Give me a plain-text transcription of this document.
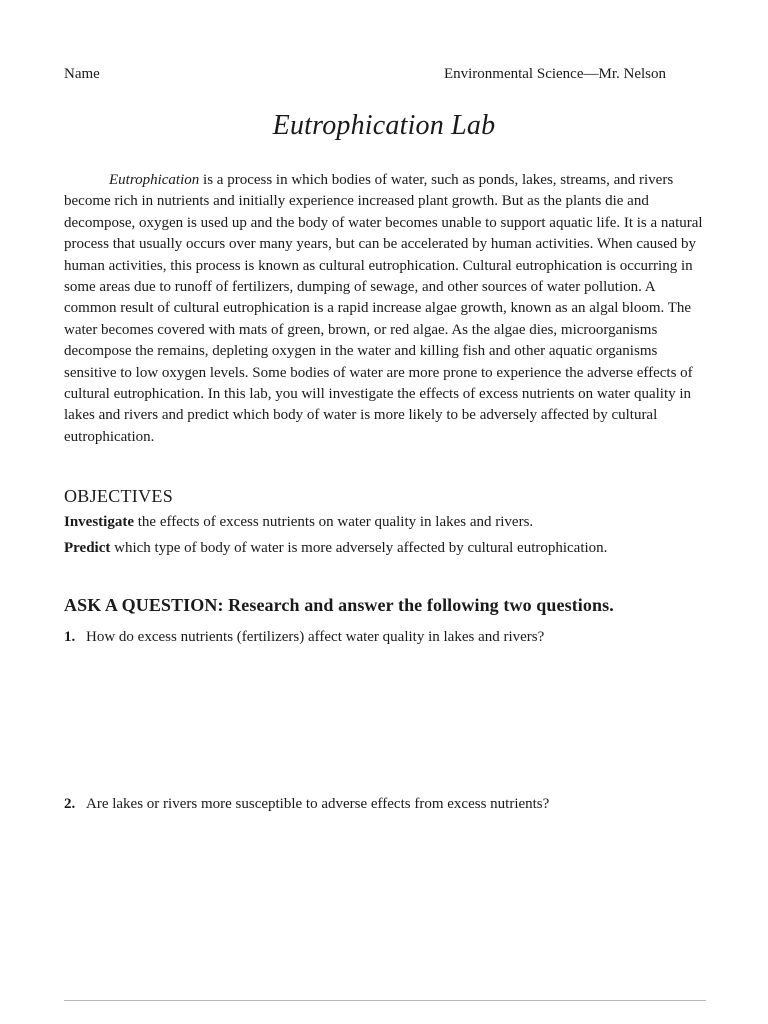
Name	Environmental Science—Mr. Nelson
Eutrophication Lab

Eutrophication is a process in which bodies of water, such as ponds, lakes, streams, and rivers become rich in nutrients and initially experience increased plant growth. But as the plants die and decompose, oxygen is used up and the body of water becomes unable to support aquatic life. It is a natural process that usually occurs over many years, but can be accelerated by human activities. When caused by human activities, this process is known as cultural eutrophication. Cultural eutrophication is occurring in some areas due to runoff of fertilizers, dumping of sewage, and other sources of water pollution. A common result of cultural eutrophication is a rapid increase algae growth, known as an algal bloom. The water becomes covered with mats of green, brown, or red algae. As the algae dies, microorganisms decompose the remains, depleting oxygen in the water and killing fish and other aquatic organisms sensitive to low oxygen levels. Some bodies of water are more prone to experience the adverse effects of cultural eutrophication. In this lab, you will investigate the effects of excess nutrients on water quality in lakes and rivers and predict which body of water is more likely to be adversely affected by cultural eutrophication.

OBJECTIVES

Investigate the effects of excess nutrients on water quality in lakes and rivers.

Predict which type of body of water is more adversely affected by cultural eutrophication.

ASK A QUESTION: Research and answer the following two questions.

1. How do excess nutrients (fertilizers) affect water quality in lakes and rivers?

2. Are lakes or rivers more susceptible to adverse effects from excess nutrients?
